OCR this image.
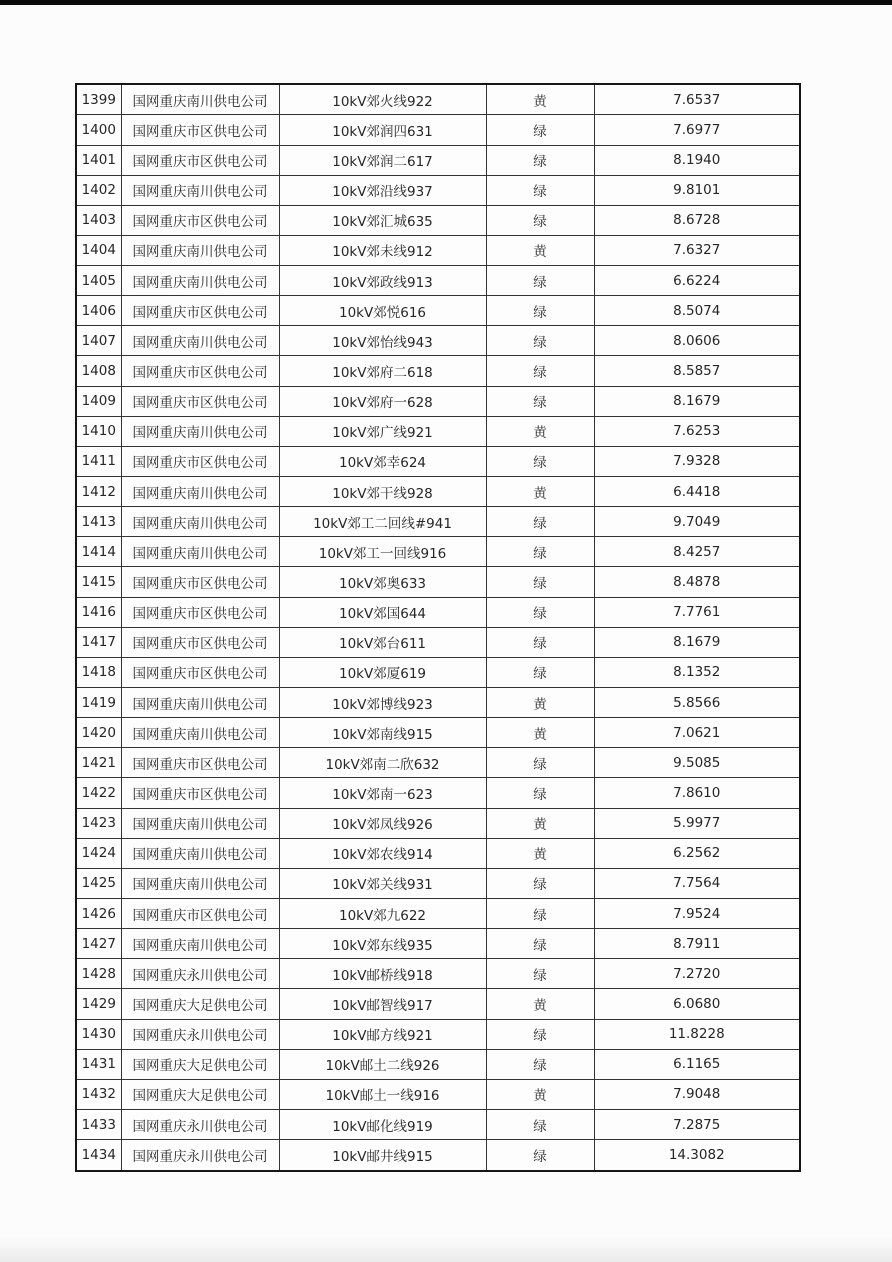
1399	国网重庆南川供电公司	10kV郊火线922	黄	7.6537
1400	国网重庆市区供电公司	10kV郊润四631	绿	7.6977
1401	国网重庆市区供电公司	10kV郊润二617	绿	8.1940
1402	国网重庆南川供电公司	10kV郊沿线937	绿	9.8101
1403	国网重庆市区供电公司	10kV郊汇城635	绿	8.6728
1404	国网重庆南川供电公司	10kV郊未线912	黄	7.6327
1405	国网重庆南川供电公司	10kV郊政线913	绿	6.6224
1406	国网重庆市区供电公司	10kV郊悦616	绿	8.5074
1407	国网重庆南川供电公司	10kV郊怡线943	绿	8.0606
1408	国网重庆市区供电公司	10kV郊府二618	绿	8.5857
1409	国网重庆市区供电公司	10kV郊府一628	绿	8.1679
1410	国网重庆南川供电公司	10kV郊广线921	黄	7.6253
1411	国网重庆市区供电公司	10kV郊幸624	绿	7.9328
1412	国网重庆南川供电公司	10kV郊干线928	黄	6.4418
1413	国网重庆南川供电公司	10kV郊工二回线#941	绿	9.7049
1414	国网重庆南川供电公司	10kV郊工一回线916	绿	8.4257
1415	国网重庆市区供电公司	10kV郊奥633	绿	8.4878
1416	国网重庆市区供电公司	10kV郊国644	绿	7.7761
1417	国网重庆市区供电公司	10kV郊台611	绿	8.1679
1418	国网重庆市区供电公司	10kV郊厦619	绿	8.1352
1419	国网重庆南川供电公司	10kV郊博线923	黄	5.8566
1420	国网重庆南川供电公司	10kV郊南线915	黄	7.0621
1421	国网重庆市区供电公司	10kV郊南二欣632	绿	9.5085
1422	国网重庆市区供电公司	10kV郊南一623	绿	7.8610
1423	国网重庆南川供电公司	10kV郊凤线926	黄	5.9977
1424	国网重庆南川供电公司	10kV郊农线914	黄	6.2562
1425	国网重庆南川供电公司	10kV郊关线931	绿	7.7564
1426	国网重庆市区供电公司	10kV郊九622	绿	7.9524
1427	国网重庆南川供电公司	10kV郊东线935	绿	8.7911
1428	国网重庆永川供电公司	10kV邮桥线918	绿	7.2720
1429	国网重庆大足供电公司	10kV邮智线917	黄	6.0680
1430	国网重庆永川供电公司	10kV邮方线921	绿	11.8228
1431	国网重庆大足供电公司	10kV邮土二线926	绿	6.1165
1432	国网重庆大足供电公司	10kV邮土一线916	黄	7.9048
1433	国网重庆永川供电公司	10kV邮化线919	绿	7.2875
1434	国网重庆永川供电公司	10kV邮井线915	绿	14.3082
